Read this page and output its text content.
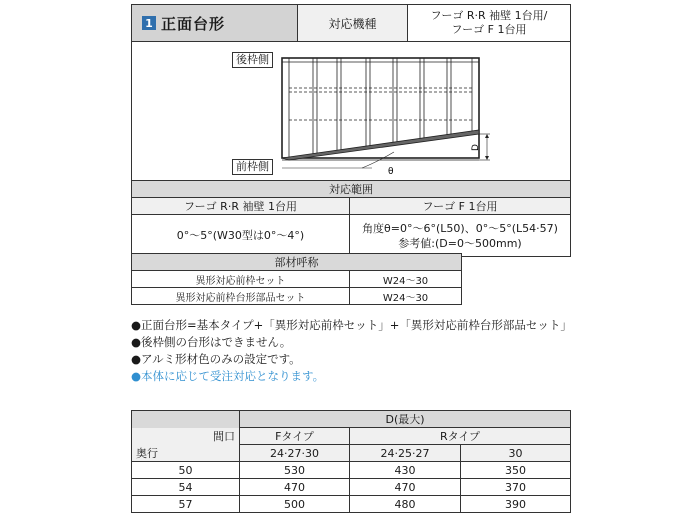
1 正面台形	対応機種
フーゴ R·R 袖壁 1台用/
フーゴ F 1台用
D
θ
後枠側
前枠側
対応範囲	
フーゴ R·R 袖壁 1台用	フーゴ F 1台用
0°〜5°(W30型は0°〜4°)	角度θ=0°〜6°(L50)、0°〜5°(L54·57)
参考値:(D=0〜500mm)
部材呼称	
異形対応前枠セット	W24〜30
異形対応前枠台形部品セット	W24〜30
●正面台形=基本タイプ+「異形対応前枠セット」+「異形対応前枠台形部品セット」
●後枠側の台形はできません。
●アルミ形材色のみの設定です。
●本体に応じて受注対応となります。
	D(最大)		
間口	Fタイプ	Rタイプ	
奥行	24·27·30	24·25·27	30
50	530	430	350
54	470	470	370
57	500	480	390
